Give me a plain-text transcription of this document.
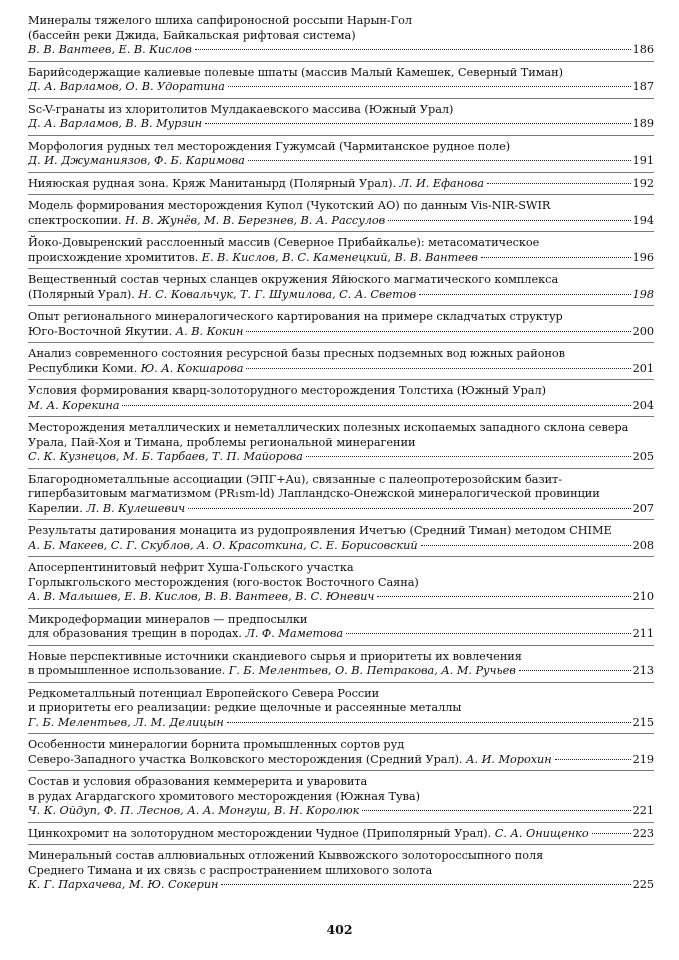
Минералы тяжелого шлиха сапфироносной россыпи Нарын-Гол
(бассейн реки Джида, Байкальская рифтовая система)
В. В. Вантеев, Е. В. Кислов	186
Барийсодержащие калиевые полевые шпаты (массив Малый Камешек, Северный Тиман)
Д. А. Варламов, О. В. Удоратина	187
Sc-V-гранаты из хлоритолитов Мулдакаевского массива (Южный Урал)
Д. А. Варламов, В. В. Мурзин	189
Морфология рудных тел месторождения Гужумсай (Чармитанское рудное поле)
Д. И. Джуманиязов, Ф. Б. Каримова	191
Нияюская рудная зона. Кряж Манитанырд (Полярный Урал). Л. И. Ефанова	192
Модель формирования месторождения Купол (Чукотский АО) по данным Vis-NIR-SWIR
спектроскопии. Н. В. Жунёв, М. В. Березнев, В. А. Рассулов	194
Йоко-Довыренский расслоенный массив (Северное Прибайкалье): метасоматическое
происхождение хромититов. Е. В. Кислов, В. С. Каменецкий, В. В. Вантеев	196
Вещественный состав черных сланцев окружения Яйюского магматического комплекса
(Полярный Урал). Н. С. Ковальчук, Т. Г. Шумилова, С. А. Светов	198
Опыт регионального минералогического картирования на примере складчатых структур
Юго-Восточной Якутии. А. В. Кокин	200
Анализ современного состояния ресурсной базы пресных подземных вод южных районов
Республики Коми. Ю. А. Кокшарова	201
Условия формирования кварц-золоторудного месторождения Толстиха (Южный Урал)
М. А. Корекина	204
Месторождения металлических и неметаллических полезных ископаемых западного склона севера
Урала, Пай-Хоя и Тимана, проблемы региональной минерагении
С. К. Кузнецов, М. Б. Тарбаев, Т. П. Майорова	205
Благороднометалльные ассоциации (ЭПГ+Au), связанные с палеопротерозойским базит-
гипербазитовым магматизмом (PR₁sm-ld) Лапландско-Онежской минералогической провинции
Карелии. Л. В. Кулешевич	207
Результаты датирования монацита из рудопроявления Ичетъю (Средний Тиман) методом CHIME
А. Б. Макеев, С. Г. Скублов, А. О. Красоткина, С. Е. Борисовский	208
Апосерпентинитовый нефрит Хуша-Гольского участка
Горлыкгольского месторождения (юго-восток Восточного Саяна)
А. В. Малышев, Е. В. Кислов, В. В. Вантеев, В. С. Юневич	210
Микродеформации минералов — предпосылки
для образования трещин в породах. Л. Ф. Маметова	211
Новые перспективные источники скандиевого сырья и приоритеты их вовлечения
в промышленное использование. Г. Б. Мелентьев, О. В. Петракова, А. М. Ручьев	213
Редкометалльный потенциал Европейского Севера России
и приоритеты его реализации: редкие щелочные и рассеянные металлы
Г. Б. Мелентьев, Л. М. Делицын	215
Особенности минералогии борнита промышленных сортов руд
Северо-Западного участка Волковского месторождения (Средний Урал). А. И. Морохин	219
Состав и условия образования кеммерерита и уваровита
в рудах Агардагского хромитового месторождения (Южная Тува)
Ч. К. Ойдуп, Ф. П. Леснов, А. А. Монгуш, В. Н. Королюк	221
Цинкохромит на золоторудном месторождении Чудное (Приполярный Урал). С. А. Онищенко	223
Минеральный состав аллювиальных отложений Кыввожского золотороссыпного поля
Среднего Тимана и их связь с распространением шлихового золота
К. Г. Пархачева, М. Ю. Сокерин	225
402
